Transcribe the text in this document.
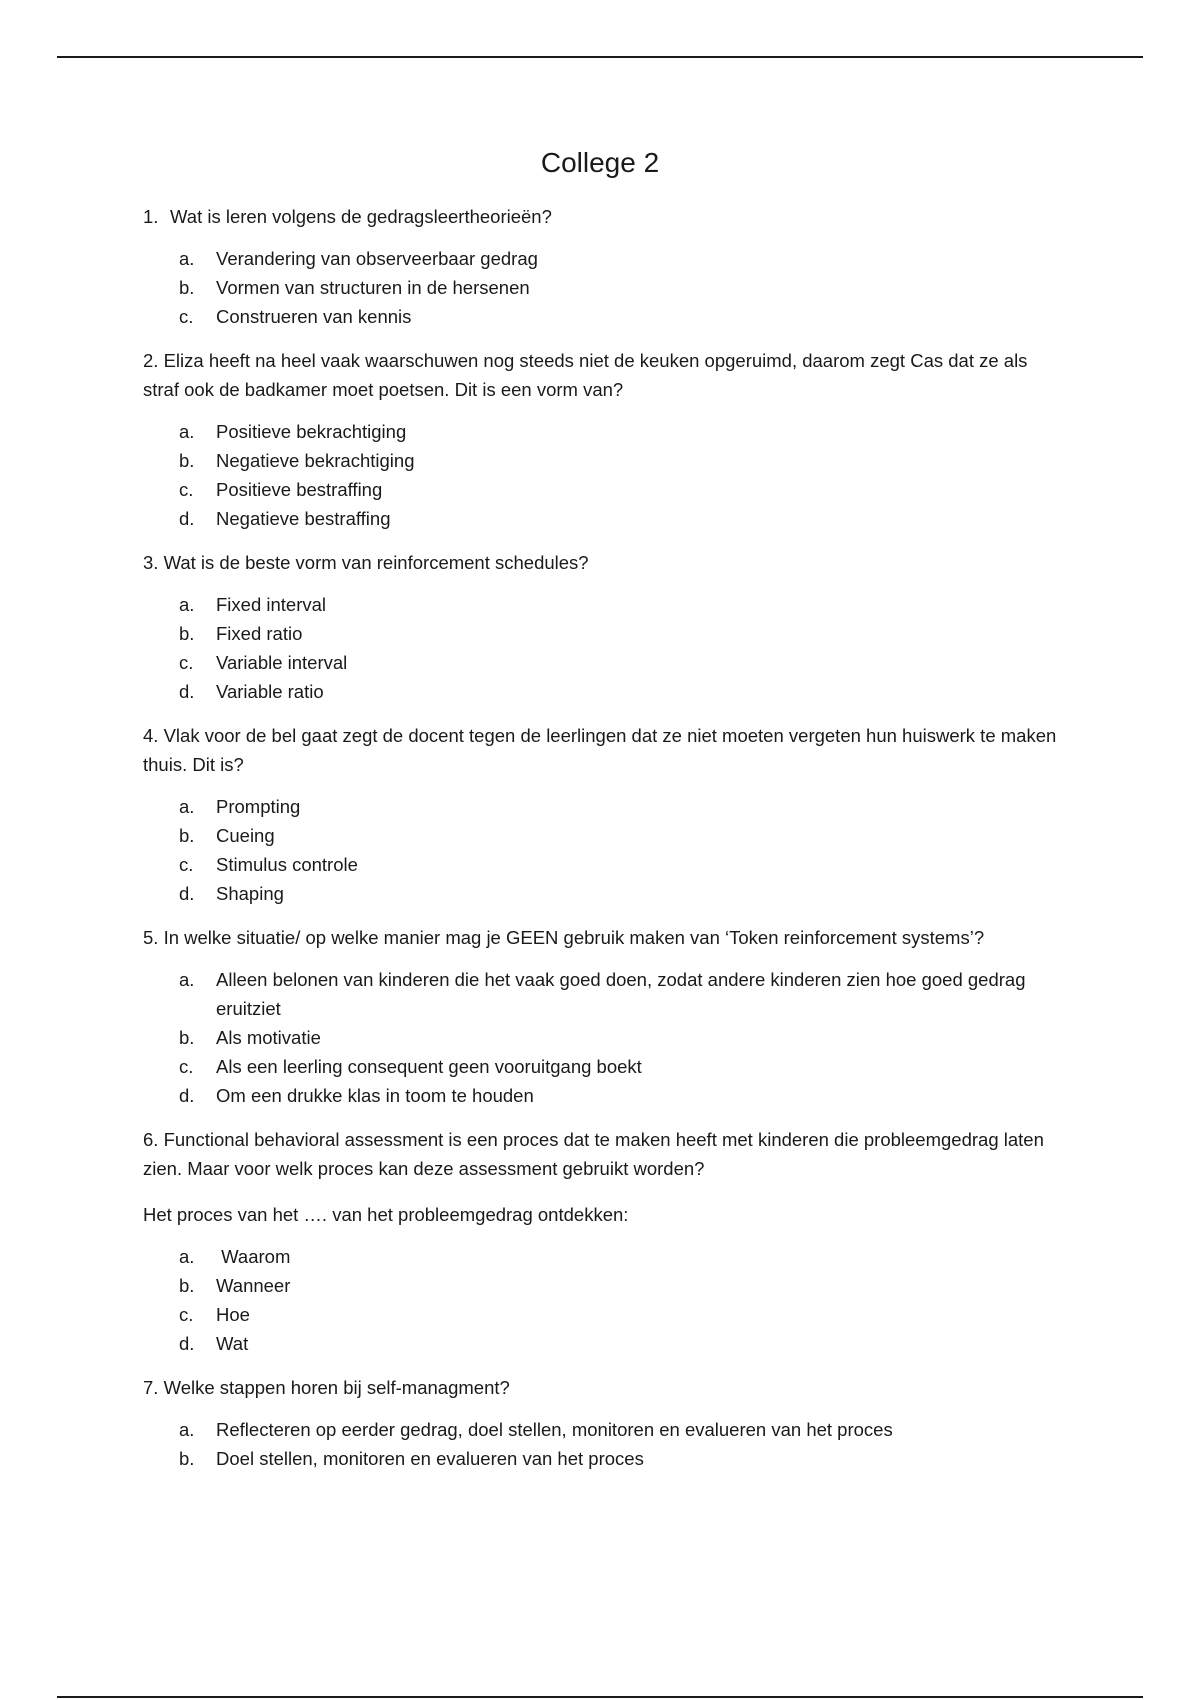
College 2

1. Wat is leren volgens de gedragsleertheorieën?

a.	Verandering van observeerbaar gedrag
b.	Vormen van structuren in de hersenen
c.	Construeren van kennis

2. Eliza heeft na heel vaak waarschuwen nog steeds niet de keuken opgeruimd, daarom zegt Cas dat ze als straf ook de badkamer moet poetsen. Dit is een vorm van?

a.	Positieve bekrachtiging
b.	Negatieve bekrachtiging
c.	Positieve bestraffing
d.	Negatieve bestraffing

3. Wat is de beste vorm van reinforcement schedules?

a.	Fixed interval
b.	Fixed ratio
c.	Variable interval
d.	Variable ratio

4. Vlak voor de bel gaat zegt de docent tegen de leerlingen dat ze niet moeten vergeten hun huiswerk te maken thuis. Dit is?

a.	Prompting
b.	Cueing
c.	Stimulus controle
d.	Shaping

5. In welke situatie/ op welke manier mag je GEEN gebruik maken van ‘Token reinforcement systems’?

a.	Alleen belonen van kinderen die het vaak goed doen, zodat andere kinderen zien hoe goed gedrag eruitziet
b.	Als motivatie
c.	Als een leerling consequent geen vooruitgang boekt
d.	Om een drukke klas in toom te houden

6. Functional behavioral assessment is een proces dat te maken heeft met kinderen die probleemgedrag laten zien. Maar voor welk proces kan deze assessment gebruikt worden?

Het proces van het …. van het probleemgedrag ontdekken:

a.	Waarom
b.	Wanneer
c.	Hoe
d.	Wat

7. Welke stappen horen bij self-managment?

a.	Reflecteren op eerder gedrag, doel stellen, monitoren en evalueren van het proces
b.	Doel stellen, monitoren en evalueren van het proces
